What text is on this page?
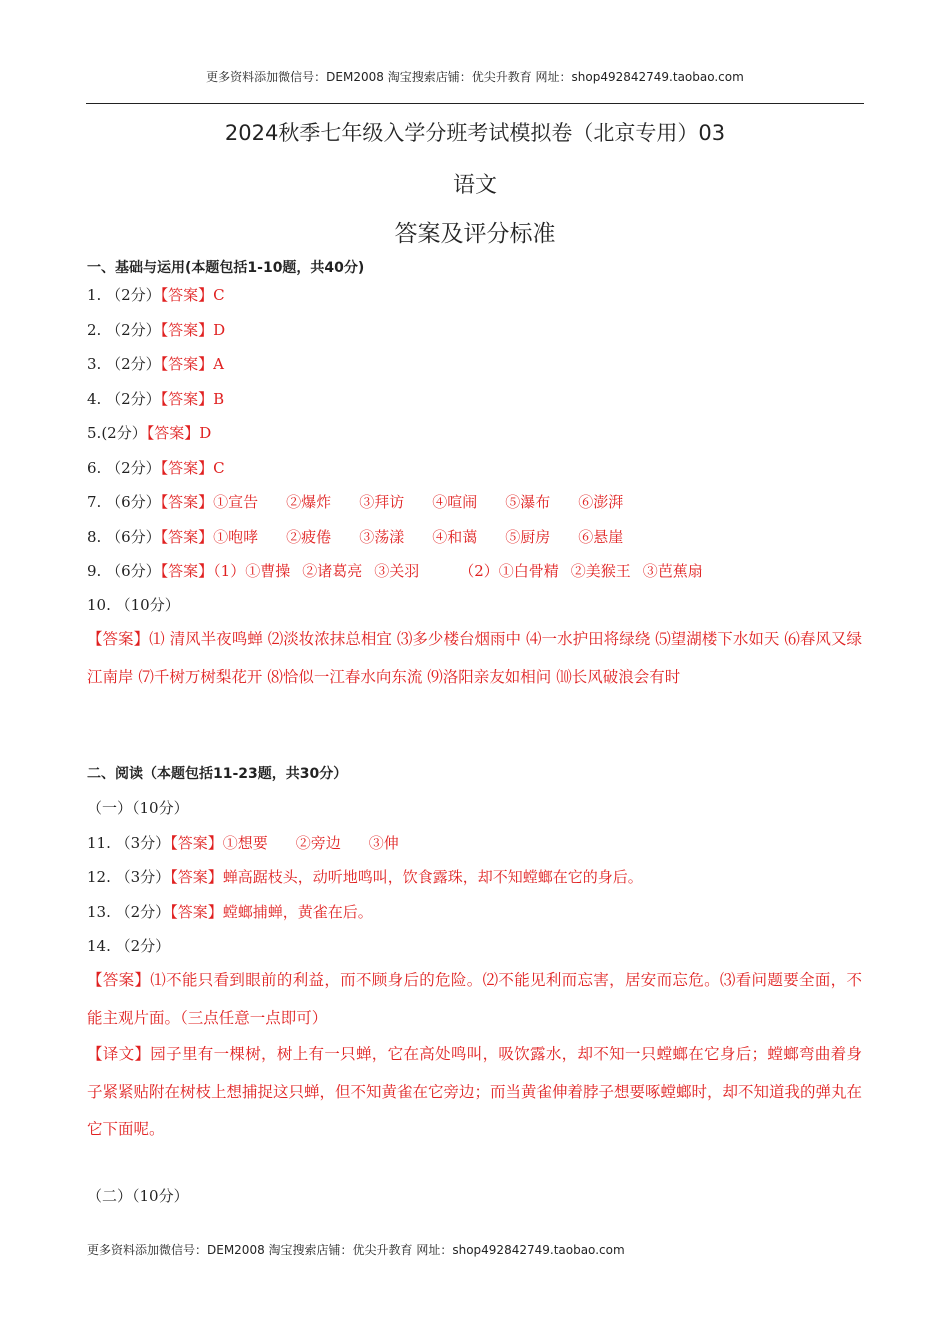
更多资料添加微信号：DEM2008 淘宝搜索店铺：优尖升教育 网址：shop492842749.taobao.com
2024秋季七年级入学分班考试模拟卷（北京专用）03
语文
答案及评分标准
一、基础与运用(本题包括1-10题，共40分)
1. （2分）【答案】C
2. （2分）【答案】D
3. （2分）【答案】A
4. （2分）【答案】B
5.(2分）【答案】D
6. （2分）【答案】C
7. （6分）【答案】①宣告 ②爆炸 ③拜访 ④喧闹 ⑤瀑布 ⑥澎湃
8. （6分）【答案】①咆哮 ②疲倦 ③荡漾 ④和蔼 ⑤厨房 ⑥悬崖
9. （6分）【答案】（1）①曹操 ②诸葛亮 ③关羽	（2）①白骨精 ②美猴王 ③芭蕉扇
10. （10分）
【答案】⑴ 清风半夜鸣蝉 ⑵淡妆浓抹总相宜 ⑶多少楼台烟雨中 ⑷一水护田将绿绕 ⑸望湖楼下水如天 ⑹春风又绿江南岸 ⑺千树万树梨花开 ⑻恰似一江春水向东流 ⑼洛阳亲友如相问 ⑽长风破浪会有时
二、阅读（本题包括11-23题，共30分）
（一）（10分）
11. （3分）【答案】①想要 ②旁边 ③伸
12. （3分）【答案】蝉高踞枝头，动听地鸣叫，饮食露珠，却不知螳螂在它的身后。
13. （2分）【答案】螳螂捕蝉，黄雀在后。
14. （2分）
【答案】⑴不能只看到眼前的利益，而不顾身后的危险。⑵不能见利而忘害，居安而忘危。⑶看问题要全面，不能主观片面。（三点任意一点即可）
【译文】园子里有一棵树，树上有一只蝉，它在高处鸣叫，吸饮露水，却不知一只螳螂在它身后；螳螂弯曲着身子紧紧贴附在树枝上想捕捉这只蝉，但不知黄雀在它旁边；而当黄雀伸着脖子想要啄螳螂时，却不知道我的弹丸在它下面呢。
（二）（10分）
更多资料添加微信号：DEM2008 淘宝搜索店铺：优尖升教育 网址：shop492842749.taobao.com
